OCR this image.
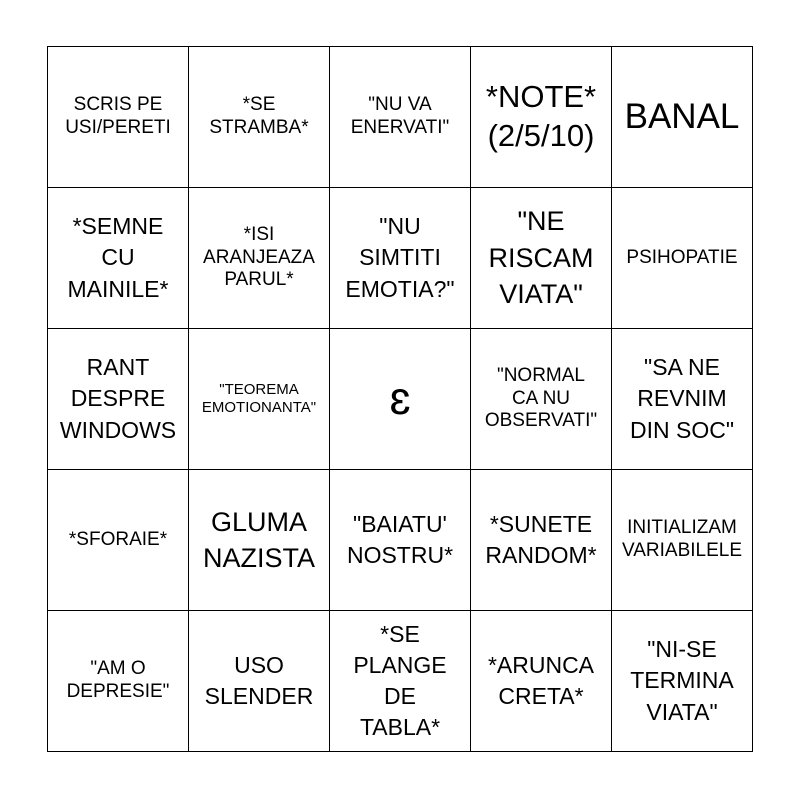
SCRIS PE
USI/PERETI
*SE
STRAMBA*
"NU VA
ENERVATI"
*NOTE*
(2/5/10) BANAL
*SEMNE
CU
MAINILE*
*ISI
ARANJEAZA
PARUL*
"NU
SIMTITI
EMOTIA?"
"NE
RISCAM
VIATA"
PSIHOPATIE
RANT
DESPRE
WINDOWS
"TEOREMA
EMOTIONANTA"	ɛ	"NORMAL
CA NU
OBSERVATI"
"SA NE
REVNIM
DIN SOC"
*SFORAIE*
GLUMA
NAZISTA
"BAIATU'
NOSTRU*
*SUNETE
RANDOM*
INITIALIZAM
VARIABILELE
"AM O
DEPRESIE"
USO
SLENDER
*SE
PLANGE
DE
TABLA*
*ARUNCA
CRETA*
"NI-SE
TERMINA
VIATA"
